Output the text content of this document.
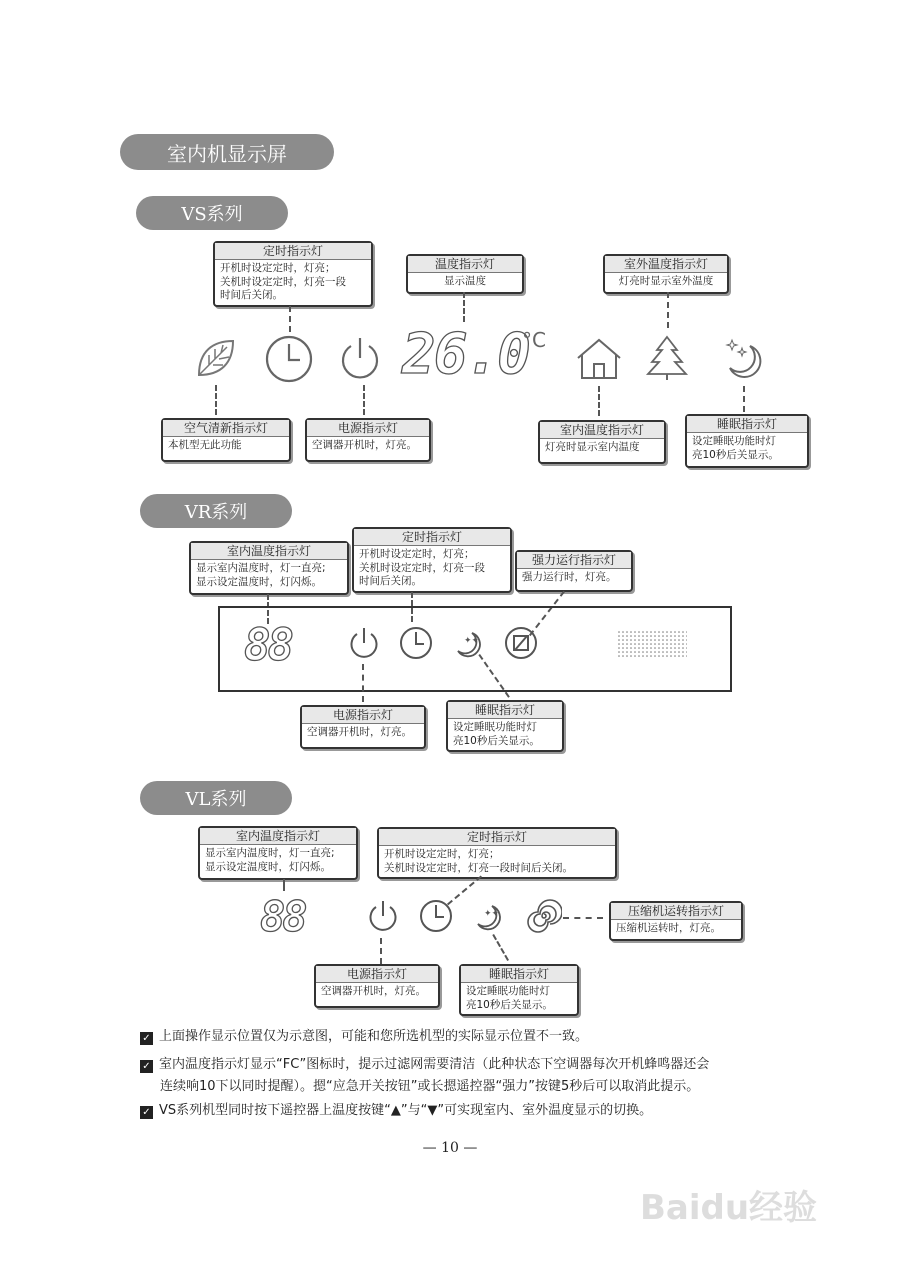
室内机显示屏
VS系列
定时指示灯
开机时设定定时，灯亮；
关机时设定定时，灯亮一段
时间后关闭。
温度指示灯
显示温度
室外温度指示灯
灯亮时显示室外温度
26.0
°C
空气清新指示灯
本机型无此功能
电源指示灯
空调器开机时，灯亮。
室内温度指示灯
灯亮时显示室内温度
睡眠指示灯
设定睡眠功能时灯
亮10秒后关显示。
VR系列
室内温度指示灯
显示室内温度时，灯一直亮;
显示设定温度时，灯闪烁。
定时指示灯
开机时设定定时，灯亮；
关机时设定定时，灯亮一段
时间后关闭。
强力运行指示灯
强力运行时，灯亮。
88	✦✦
电源指示灯
空调器开机时，灯亮。
睡眠指示灯
设定睡眠功能时灯
亮10秒后关显示。
VL系列
室内温度指示灯
显示室内温度时，灯一直亮;
显示设定温度时，灯闪烁。
定时指示灯
开机时设定定时，灯亮；
关机时设定定时，灯亮一段时间后关闭。
88	✦✦	压缩机运转指示灯
压缩机运转时，灯亮。
电源指示灯
空调器开机时，灯亮。
睡眠指示灯
设定睡眠功能时灯
亮10秒后关显示。
✓ 上面操作显示位置仅为示意图，可能和您所选机型的实际显示位置不一致。
✓ 室内温度指示灯显示“FC”图标时，提示过滤网需要清洁（此种状态下空调器每次开机蜂鸣器还会
连续响10下以同时提醒）。摁“应急开关按钮”或长摁遥控器“强力”按键5秒后可以取消此提示。
✓ VS系列机型同时按下遥控器上温度按键“▲”与“▼”可实现室内、室外温度显示的切换。
— 10 —
Baidu经验
